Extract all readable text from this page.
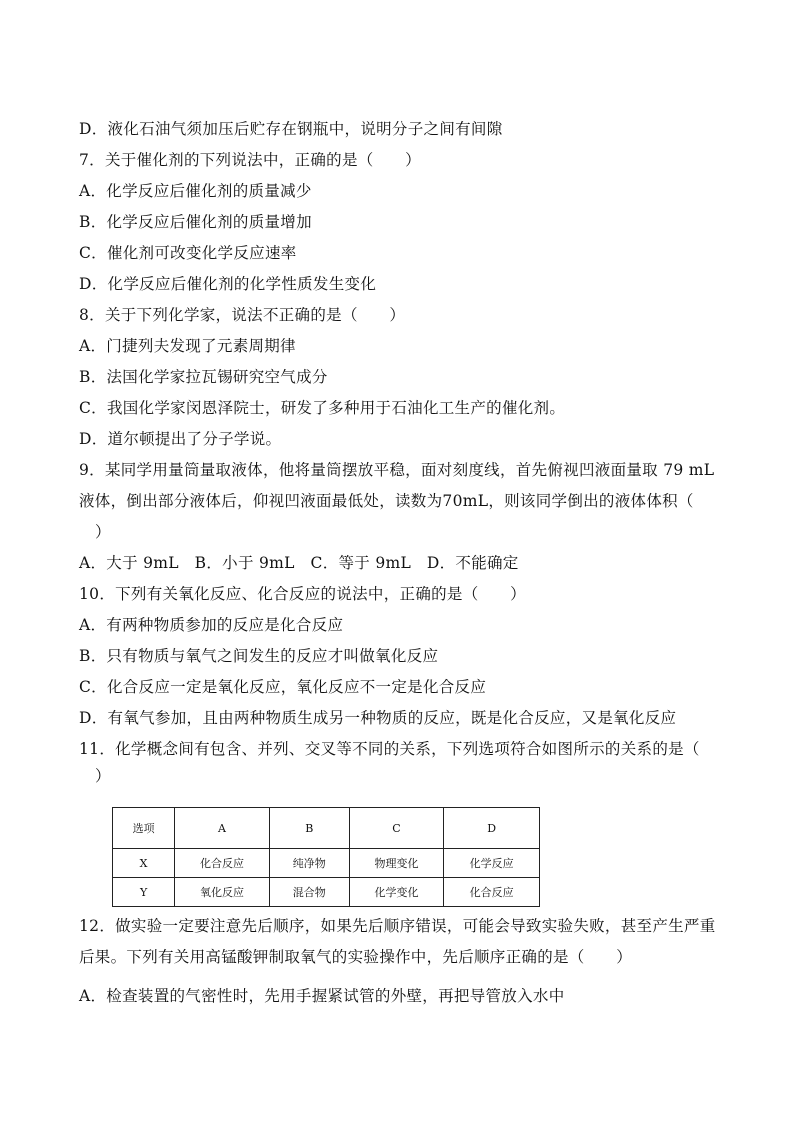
D．液化石油气须加压后贮存在钢瓶中，说明分子之间有间隙
7．关于催化剂的下列说法中，正确的是（　　）
A．化学反应后催化剂的质量减少
B．化学反应后催化剂的质量增加
C．催化剂可改变化学反应速率
D．化学反应后催化剂的化学性质发生变化
8．关于下列化学家，说法不正确的是（　　）
A．门捷列夫发现了元素周期律
B．法国化学家拉瓦锡研究空气成分
C．我国化学家闵恩泽院士，研发了多种用于石油化工生产的催化剂。
D．道尔顿提出了分子学说。
9．某同学用量筒量取液体，他将量筒摆放平稳，面对刻度线，首先俯视凹液面量取 79 mL 液体，倒出部分液体后，仰视凹液面最低处，读数为70mL，则该同学倒出的液体体积（
）
A．大于 9mL　B．小于 9mL　C．等于 9mL　D．不能确定
10．下列有关氧化反应、化合反应的说法中，正确的是（　　）
A．有两种物质参加的反应是化合反应
B．只有物质与氧气之间发生的反应才叫做氧化反应
C．化合反应一定是氧化反应，氧化反应不一定是化合反应
D．有氧气参加，且由两种物质生成另一种物质的反应，既是化合反应，又是氧化反应
11．化学概念间有包含、并列、交叉等不同的关系，下列选项符合如图所示的关系的是（
）
选项	A	B	C	D
X	化合反应	纯净物	物理变化	化学反应
Y	氧化反应	混合物	化学变化	化合反应
12．做实验一定要注意先后顺序，如果先后顺序错误，可能会导致实验失败，甚至产生严重后果。下列有关用高锰酸钾制取氧气的实验操作中，先后顺序正确的是（　　）
A．检查装置的气密性时，先用手握紧试管的外壁，再把导管放入水中
